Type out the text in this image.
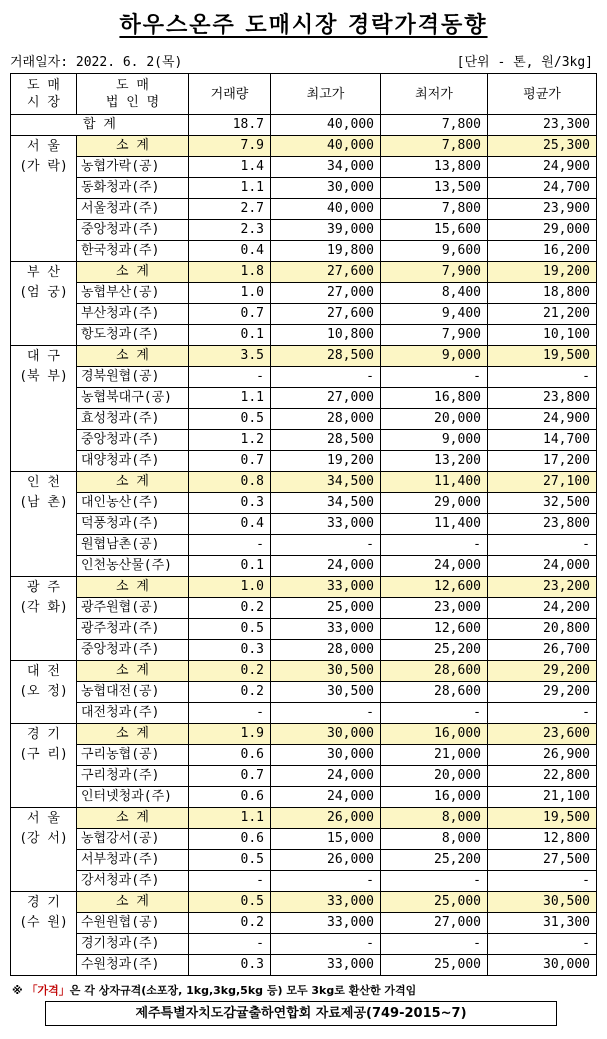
하우스온주 도매시장 경락가격동향
거래일자: 2022. 6. 2(목)	[단위 - 톤, 원/3kg]
도 매
시 장	도 매
법 인 명	거래량	최고가	최저가	평균가
합 계		18.7	40,000	7,800	23,300
서 울
(가 락)	소 계	7.9	40,000	7,800	25,300
	농협가락(공)	1.4	34,000	13,800	24,900
	동화청과(주)	1.1	30,000	13,500	24,700
	서울청과(주)	2.7	40,000	7,800	23,900
	중앙청과(주)	2.3	39,000	15,600	29,000
	한국청과(주)	0.4	19,800	9,600	16,200
부 산
(엄 궁)	소 계	1.8	27,600	7,900	19,200
	농협부산(공)	1.0	27,000	8,400	18,800
	부산청과(주)	0.7	27,600	9,400	21,200
	항도청과(주)	0.1	10,800	7,900	10,100
대 구
(북 부)	소 계	3.5	28,500	9,000	19,500
	경북원협(공)	-	-	-	-
	농협북대구(공)	1.1	27,000	16,800	23,800
	효성청과(주)	0.5	28,000	20,000	24,900
	중앙청과(주)	1.2	28,500	9,000	14,700
	대양청과(주)	0.7	19,200	13,200	17,200
인 천
(남 촌)	소 계	0.8	34,500	11,400	27,100
	대인농산(주)	0.3	34,500	29,000	32,500
	덕풍청과(주)	0.4	33,000	11,400	23,800
	원협남촌(공)	-	-	-	-
	인천농산물(주)	0.1	24,000	24,000	24,000
광 주
(각 화)	소 계	1.0	33,000	12,600	23,200
	광주원협(공)	0.2	25,000	23,000	24,200
	광주청과(주)	0.5	33,000	12,600	20,800
	중앙청과(주)	0.3	28,000	25,200	26,700
대 전
(오 정)	소 계	0.2	30,500	28,600	29,200
	농협대전(공)	0.2	30,500	28,600	29,200
	대전청과(주)	-	-	-	-
경 기
(구 리)	소 계	1.9	30,000	16,000	23,600
	구리농협(공)	0.6	30,000	21,000	26,900
	구리청과(주)	0.7	24,000	20,000	22,800
	인터넷청과(주)	0.6	24,000	16,000	21,100
서 울
(강 서)	소 계	1.1	26,000	8,000	19,500
	농협강서(공)	0.6	15,000	8,000	12,800
	서부청과(주)	0.5	26,000	25,200	27,500
	강서청과(주)	-	-	-	-
경 기
(수 원)	소 계	0.5	33,000	25,000	30,500
	수원원협(공)	0.2	33,000	27,000	31,300
	경기청과(주)	-	-	-	-
	수원청과(주)	0.3	33,000	25,000	30,000
※ 「가격」은 각 상자규격(소포장, 1kg,3kg,5kg 등) 모두 3kg로 환산한 가격임
제주특별자치도감귤출하연합회 자료제공(749-2015~7)
